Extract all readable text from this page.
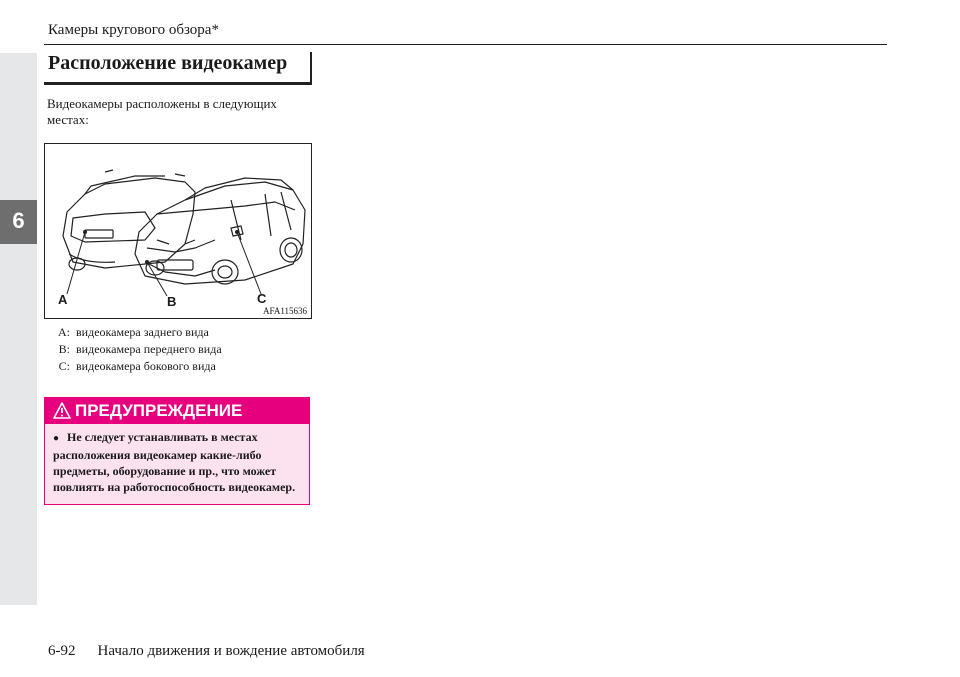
6
Камеры кругового обзора*
Расположение видеокамер
Видеокамеры расположены в следующих местах:
A	B	C
AFA115636
A: видеокамера заднего вида
B: видеокамера переднего вида
C: видеокамера бокового вида
ПРЕДУПРЕЖДЕНИЕ
● Не следует устанавливать в местах расположения видеокамер какие-либо предметы, оборудование и пр., что может повлиять на работоспособность видеокамер.
6-92 Начало движения и вождение автомобиля
